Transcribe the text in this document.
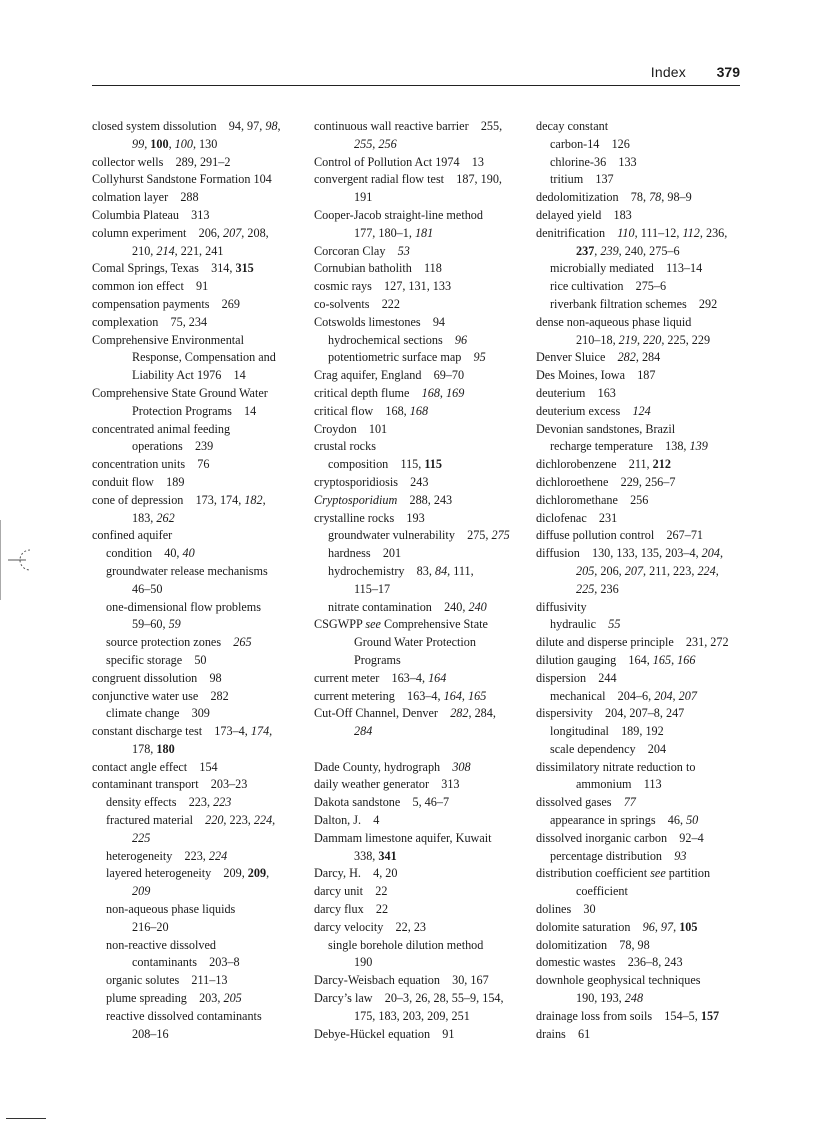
Index 379
closed system dissolution 94, 97, 98,
99, 100, 100, 130
collector wells 289, 291–2
Collyhurst Sandstone Formation 104
colmation layer 288
Columbia Plateau 313
column experiment 206, 207, 208,
210, 214, 221, 241
Comal Springs, Texas 314, 315
common ion effect 91
compensation payments 269
complexation 75, 234
Comprehensive Environmental
Response, Compensation and
Liability Act 1976 14
Comprehensive State Ground Water
Protection Programs 14
concentrated animal feeding
operations 239
concentration units 76
conduit flow 189
cone of depression 173, 174, 182,
183, 262
confined aquifer
condition 40, 40
groundwater release mechanisms
46–50
one-dimensional flow problems
59–60, 59
source protection zones 265
specific storage 50
congruent dissolution 98
conjunctive water use 282
climate change 309
constant discharge test 173–4, 174,
178, 180
contact angle effect 154
contaminant transport 203–23
density effects 223, 223
fractured material 220, 223, 224,
225
heterogeneity 223, 224
layered heterogeneity 209, 209,
209
non-aqueous phase liquids
216–20
non-reactive dissolved
contaminants 203–8
organic solutes 211–13
plume spreading 203, 205
reactive dissolved contaminants
208–16
continuous wall reactive barrier 255,
255, 256
Control of Pollution Act 1974 13
convergent radial flow test 187, 190,
191
Cooper-Jacob straight-line method
177, 180–1, 181
Corcoran Clay 53
Cornubian batholith 118
cosmic rays 127, 131, 133
co-solvents 222
Cotswolds limestones 94
hydrochemical sections 96
potentiometric surface map 95
Crag aquifer, England 69–70
critical depth flume 168, 169
critical flow 168, 168
Croydon 101
crustal rocks
composition 115, 115
cryptosporidiosis 243
Cryptosporidium 288, 243
crystalline rocks 193
groundwater vulnerability 275, 275
hardness 201
hydrochemistry 83, 84, 111,
115–17
nitrate contamination 240, 240
CSGWPP see Comprehensive State
Ground Water Protection
Programs
current meter 163–4, 164
current metering 163–4, 164, 165
Cut-Off Channel, Denver 282, 284,
284
Dade County, hydrograph 308
daily weather generator 313
Dakota sandstone 5, 46–7
Dalton, J. 4
Dammam limestone aquifer, Kuwait
338, 341
Darcy, H. 4, 20
darcy unit 22
darcy flux 22
darcy velocity 22, 23
single borehole dilution method
190
Darcy-Weisbach equation 30, 167
Darcy’s law 20–3, 26, 28, 55–9, 154,
175, 183, 203, 209, 251
Debye-Hückel equation 91
decay constant
carbon-14 126
chlorine-36 133
tritium 137
dedolomitization 78, 78, 98–9
delayed yield 183
denitrification 110, 111–12, 112, 236,
237, 239, 240, 275–6
microbially mediated 113–14
rice cultivation 275–6
riverbank filtration schemes 292
dense non-aqueous phase liquid
210–18, 219, 220, 225, 229
Denver Sluice 282, 284
Des Moines, Iowa 187
deuterium 163
deuterium excess 124
Devonian sandstones, Brazil
recharge temperature 138, 139
dichlorobenzene 211, 212
dichloroethene 229, 256–7
dichloromethane 256
diclofenac 231
diffuse pollution control 267–71
diffusion 130, 133, 135, 203–4, 204,
205, 206, 207, 211, 223, 224,
225, 236
diffusivity
hydraulic 55
dilute and disperse principle 231, 272
dilution gauging 164, 165, 166
dispersion 244
mechanical 204–6, 204, 207
dispersivity 204, 207–8, 247
longitudinal 189, 192
scale dependency 204
dissimilatory nitrate reduction to
ammonium 113
dissolved gases 77
appearance in springs 46, 50
dissolved inorganic carbon 92–4
percentage distribution 93
distribution coefficient see partition
coefficient
dolines 30
dolomite saturation 96, 97, 105
dolomitization 78, 98
domestic wastes 236–8, 243
downhole geophysical techniques
190, 193, 248
drainage loss from soils 154–5, 157
drains 61
